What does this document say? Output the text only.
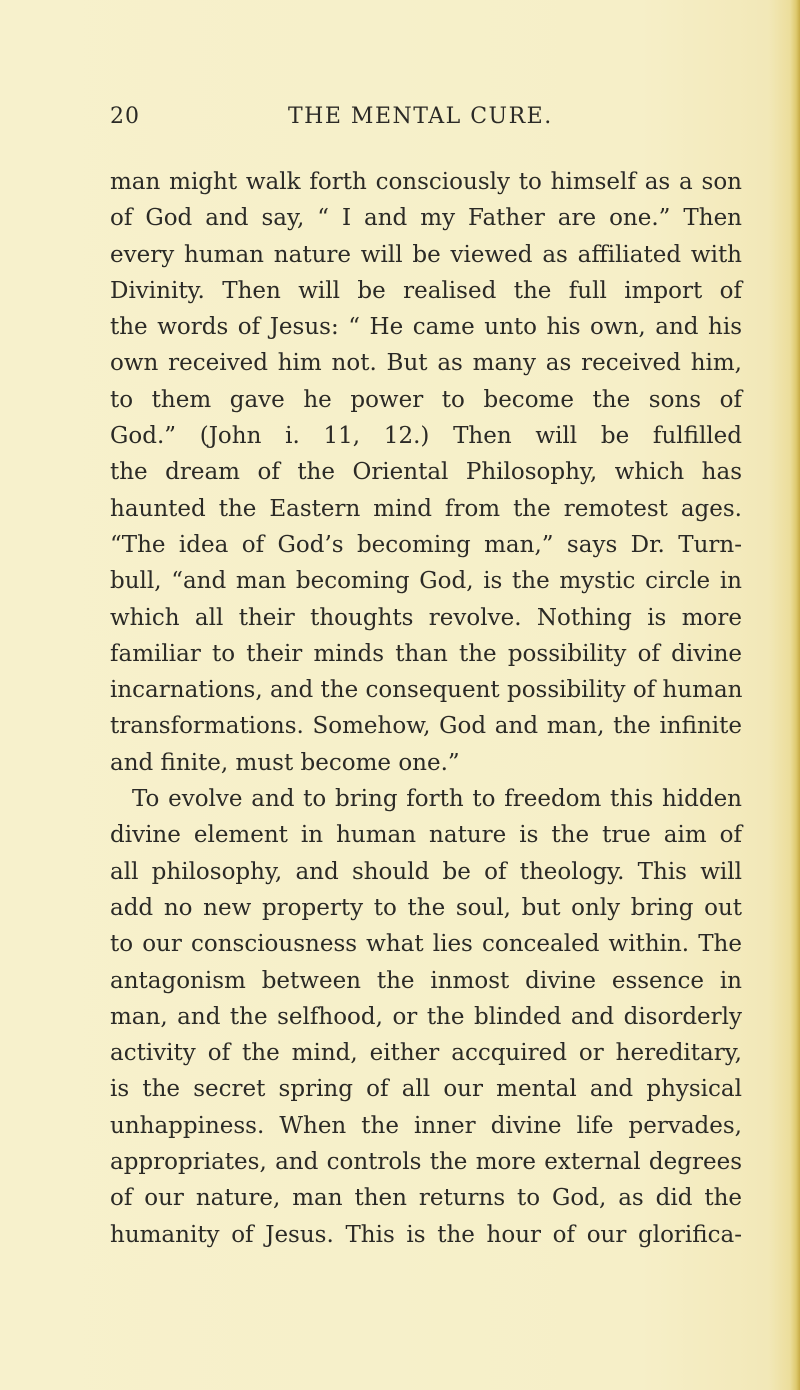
20	THE MENTAL CURE.
man might walk forth consciously to himself as a son
of God and say, “ I and my Father are one.” Then
every human nature will be viewed as affiliated with
Divinity. Then will be realised the full import of
the words of Jesus: “ He came unto his own, and his
own received him not. But as many as received him,
to them gave he power to become the sons of
God.” (John i. 11, 12.) Then will be fulfilled
the dream of the Oriental Philosophy, which has
haunted the Eastern mind from the remotest ages.
“The idea of God’s becoming man,” says Dr. Turn-
bull, “and man becoming God, is the mystic circle in
which all their thoughts revolve. Nothing is more
familiar to their minds than the possibility of divine
incarnations, and the consequent possibility of human
transformations. Somehow, God and man, the infinite
and finite, must become one.”
To evolve and to bring forth to freedom this hidden
divine element in human nature is the true aim of
all philosophy, and should be of theology. This will
add no new property to the soul, but only bring out
to our consciousness what lies concealed within. The
antagonism between the inmost divine essence in
man, and the selfhood, or the blinded and disorderly
activity of the mind, either accquired or hereditary,
is the secret spring of all our mental and physical
unhappiness. When the inner divine life pervades,
appropriates, and controls the more external degrees
of our nature, man then returns to God, as did the
humanity of Jesus. This is the hour of our glorifica-
